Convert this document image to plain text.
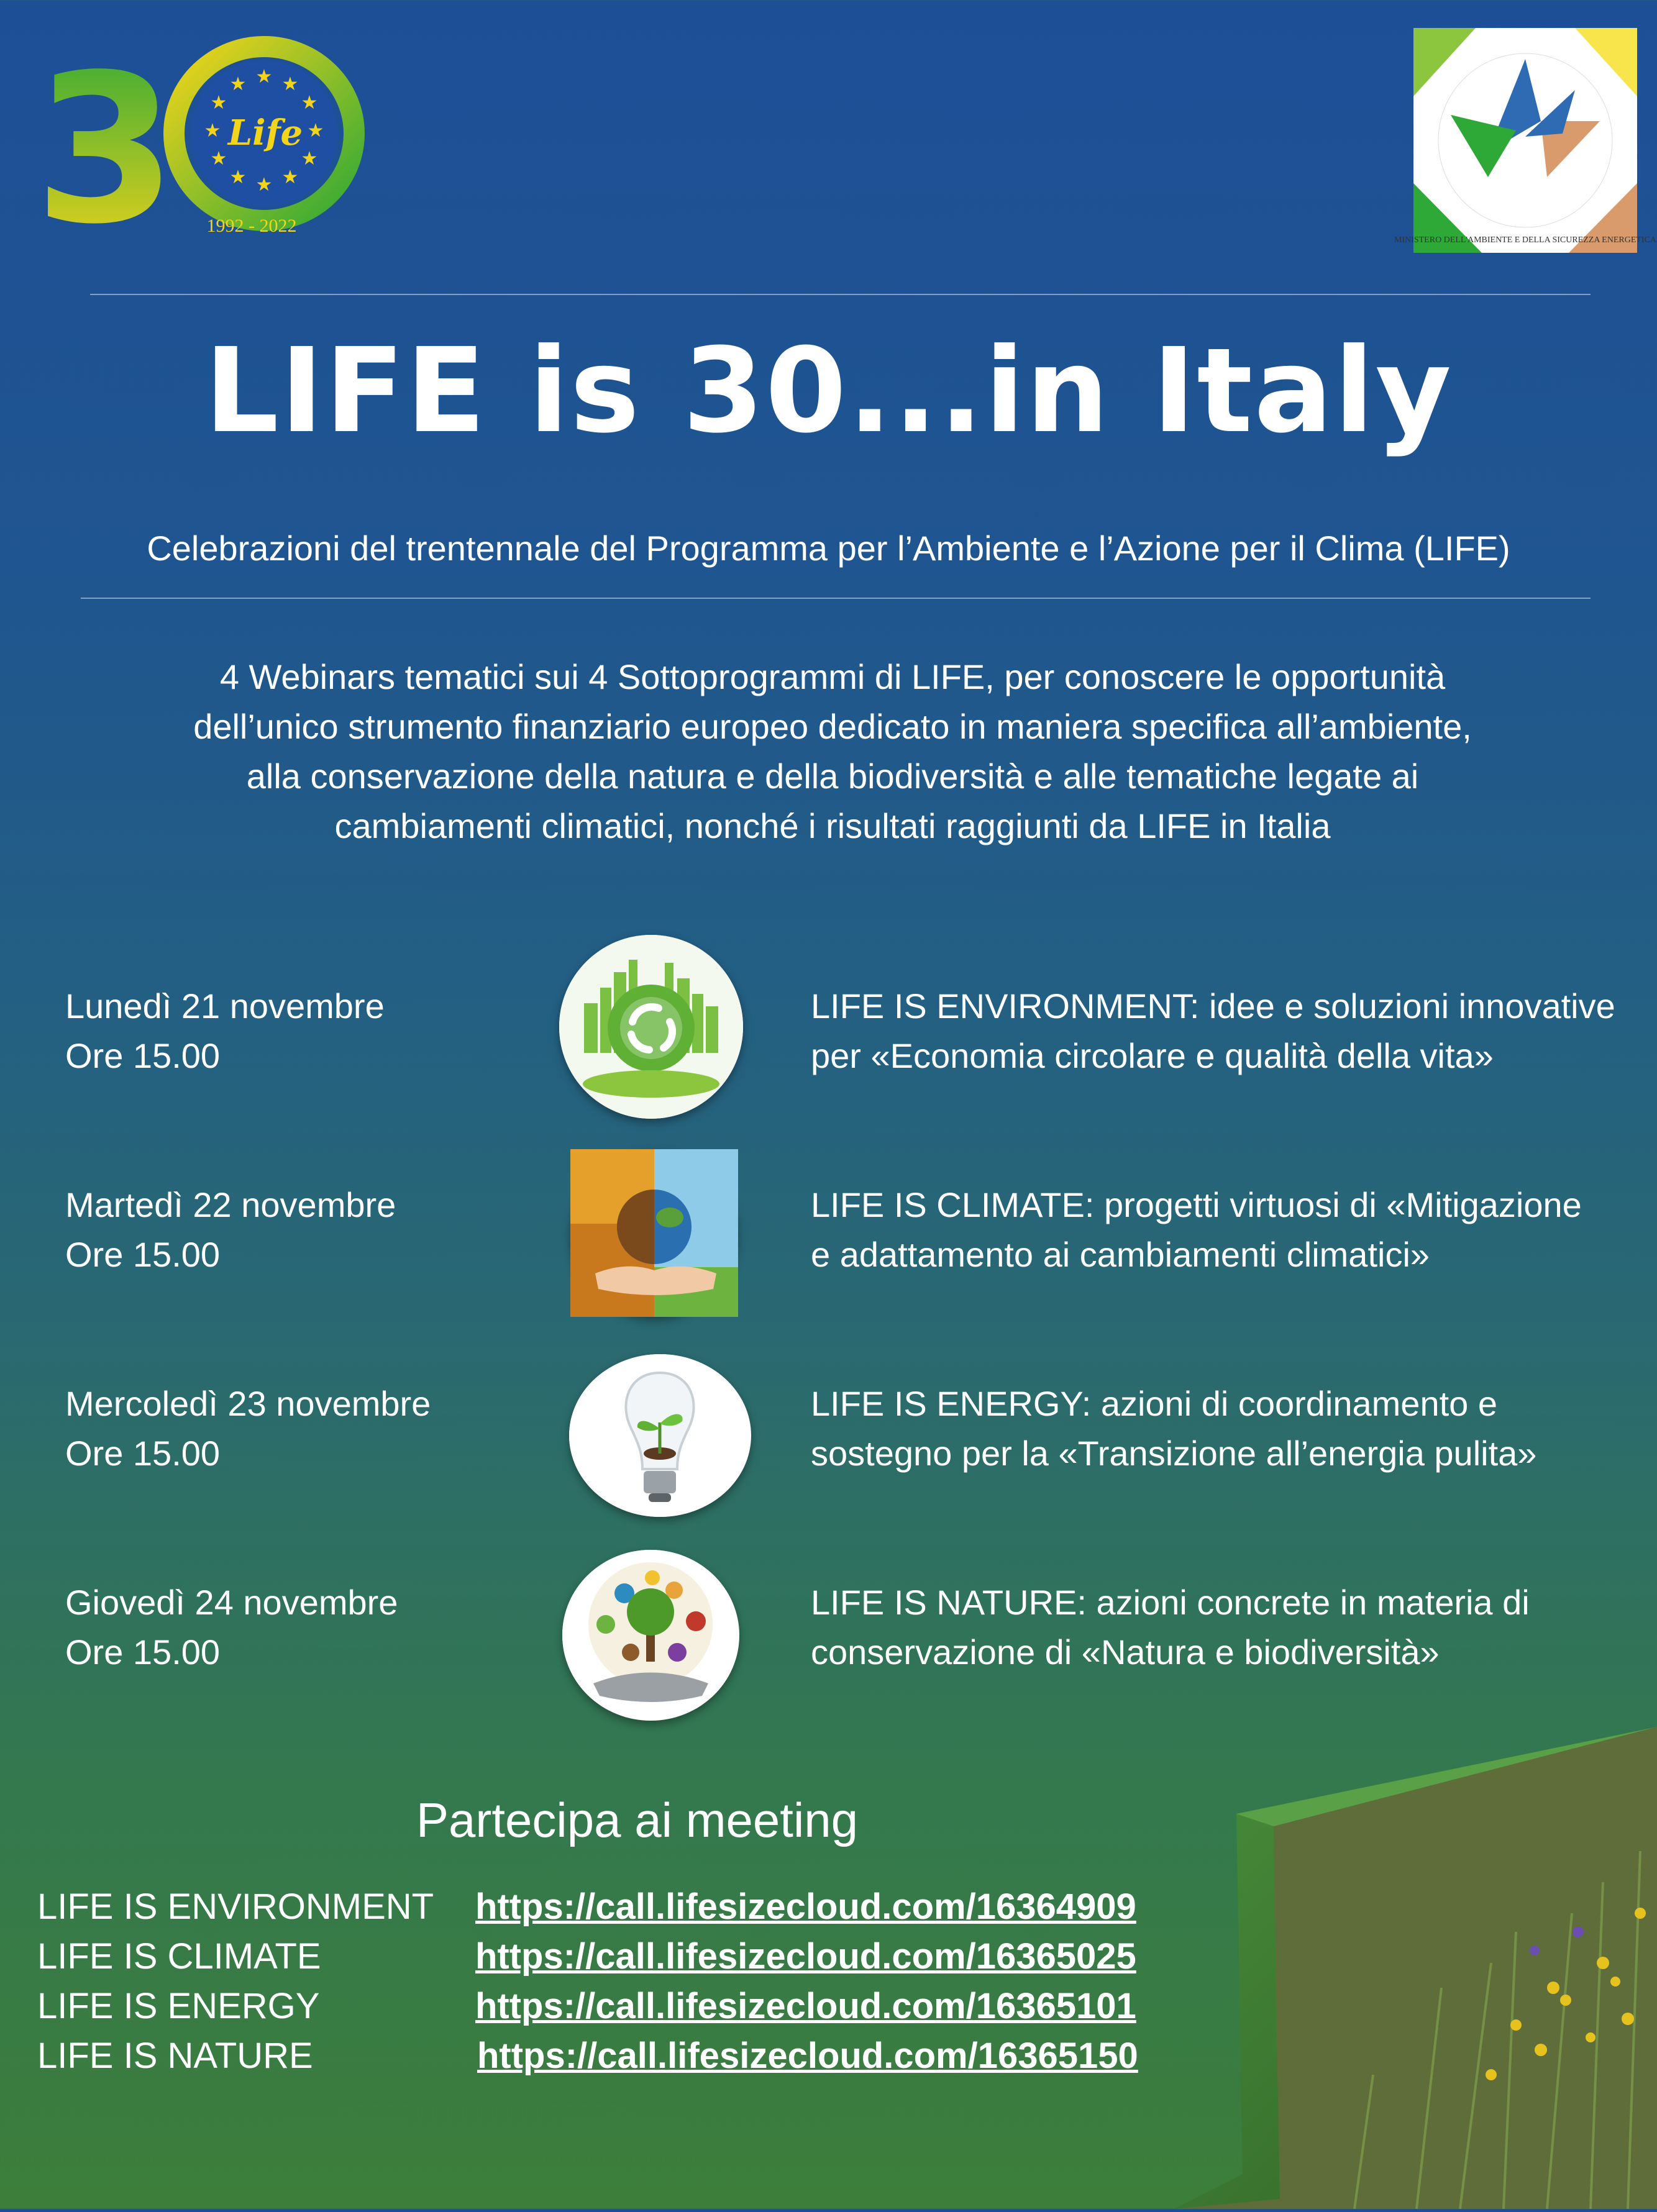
3	★ ★
★
★
★
★
★
★
★
★
★
★
Life
1992 - 2022
MINISTERO DELL'AMBIENTE E DELLA SICUREZZA ENERGETICA
LIFE is 30...in Italy
Celebrazioni del trentennale del Programma per l’Ambiente e l’Azione per il Clima (LIFE)
4 Webinars tematici sui 4 Sottoprogrammi di LIFE, per conoscere le opportunità
dell’unico strumento finanziario europeo dedicato in maniera specifica all’ambiente,
alla conservazione della natura e della biodiversità e alle tematiche legate ai
cambiamenti climatici, nonché i risultati raggiunti da LIFE in Italia
Lunedì 21 novembre
Ore 15.00
LIFE IS ENVIRONMENT: idee e soluzioni innovative
per «Economia circolare e qualità della vita»
Martedì 22 novembre
Ore 15.00
LIFE IS CLIMATE: progetti virtuosi di «Mitigazione
e adattamento ai cambiamenti climatici»
Mercoledì 23 novembre
Ore 15.00
LIFE IS ENERGY: azioni di coordinamento e
sostegno per la «Transizione all’energia pulita»
Giovedì 24 novembre
Ore 15.00
LIFE IS NATURE: azioni concrete in materia di
conservazione di «Natura e biodiversità»
Partecipa ai meeting
LIFE IS ENVIRONMENT	https://call.lifesizecloud.com/16364909
LIFE IS CLIMATE	https://call.lifesizecloud.com/16365025
LIFE IS ENERGY	https://call.lifesizecloud.com/16365101
LIFE IS NATURE	https://call.lifesizecloud.com/16365150
